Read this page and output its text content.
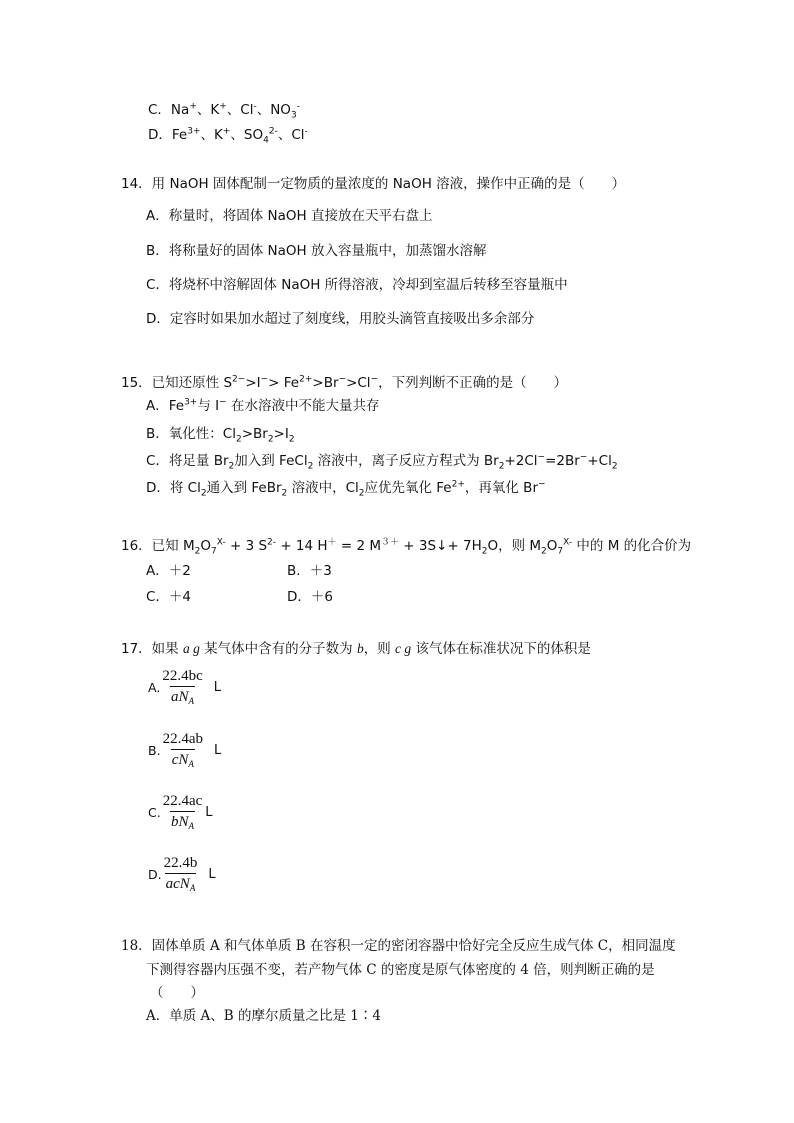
C．Na+、K+、Cl-、$NO_3^-$
D．$Fe^{3+}$、K+、$SO_4^{2-}$、Cl-
14．用 NaOH 固体配制一定物质的量浓度的 NaOH 溶液，操作中正确的是（　　）
A．称量时，将固体 NaOH 直接放在天平右盘上
B．将称量好的固体 NaOH 放入容量瓶中，加蒸馏水溶解
C．将烧杯中溶解固体 NaOH 所得溶液，冷却到室温后转移至容量瓶中
D．定容时如果加水超过了刻度线，用胶头滴管直接吸出多余部分
15．已知还原性 $S^{2-}>I^-> Fe^{2+}>Br^->Cl^-$，下列判断不正确的是（　　）
A．$Fe^{3+}$与 I− 在水溶液中不能大量共存
B．氧化性：$Cl_2>Br_2>I_2$
C．将足量 $Br_2$加入到 FeCl$_2$ 溶液中，离子反应方程式为 $Br_2+2Cl^-=2Br^-+Cl_2$
D．将 $Cl_2$通入到 FeBr$_2$ 溶液中，$Cl_2$应优先氧化 $Fe^{2+}$，再氧化 Br−
16．已知 $M_2O_7^{X-} + 3$ $S^{2-} + 14$ H＋ = 2 $M^{3+}$ + 3S↓+ $7H_2O$，则 $M_2O_7^{X-}$ 中的 M 的化合价为
A．＋2	B．＋3
C．＋4	D．＋6
17．如果 a g 某气体中含有的分子数为 b，则 c g 该气体在标准状况下的体积是
A. $\frac{22.4bc}{aN_A}$ L
B. $\frac{22.4ab}{cN_A}$ L
C. $\frac{22.4ac}{bN_A}$ L
D. $\frac{22.4b}{acN_A}$ L
18．固体单质 A 和气体单质 B 在容积一定的密闭容器中恰好完全反应生成气体 C，相同温度
下测得容器内压强不变，若产物气体 C 的密度是原气体密度的 4 倍，则判断正确的是
（　　）
A．单质 A、B 的摩尔质量之比是 1∶4
